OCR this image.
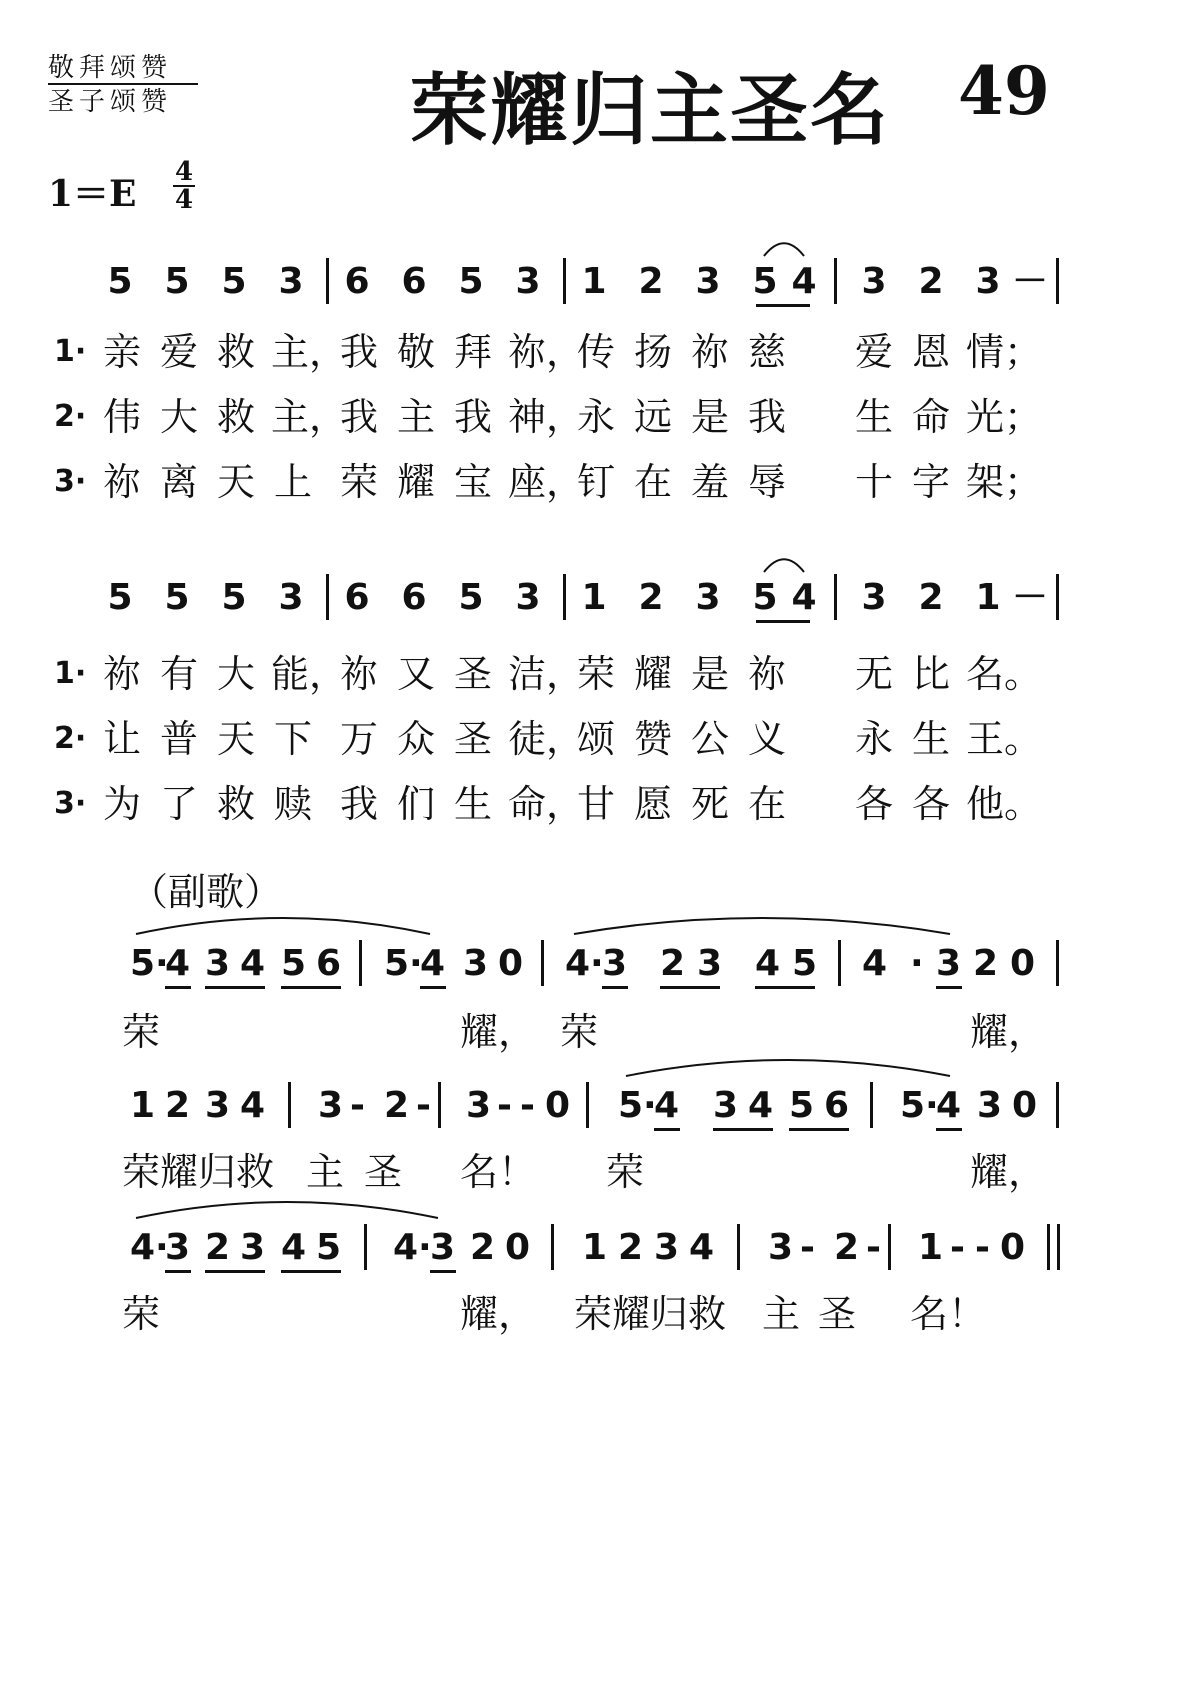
敬拜颂赞
圣子颂赞	荣耀归主圣名 49
1＝E
4
4
5 5 5 3 6 6 5 3 1 2 3 5 4 3 2 3 －
1· 亲 爱 救 主，
我 敬 拜 祢，
传 扬 祢 慈 爱 恩 情；
2· 伟 大 救 主，
我 主 我 神，
永 远 是 我 生 命 光；
3· 祢 离 天 上 荣 耀 宝 座，
钉 在 羞 辱 十 字 架；
5 5 5 3 6 6 5 3 1 2 3 5 4 3 2 1 －
1· 祢 有 大 能，
祢 又 圣 洁，
荣 耀 是 祢 无 比 名。
2· 让 普 天 下 万 众 圣 徒，
颂 赞 公 义 永 生 王。
3· 为 了 救 赎 我 们 生 命，
甘 愿 死 在 各 各 他。
（副歌）
5·
4 3 4 5 6 5·
4 3 0 4·
3 2 3 4 5 4 · 3 2 0
荣	耀， 荣	耀，
1 2 3 4 3 - 2 - 3 - - 0 5·
4 3 4 5 6 5·
4 3 0
荣耀归救 主 圣 名！ 荣	耀，
4·
3 2 3 4 5 4·
3 2 0 1 2 3 4 3 - 2 - 1 - - 0
荣	耀， 荣耀归救 主 圣 名！
